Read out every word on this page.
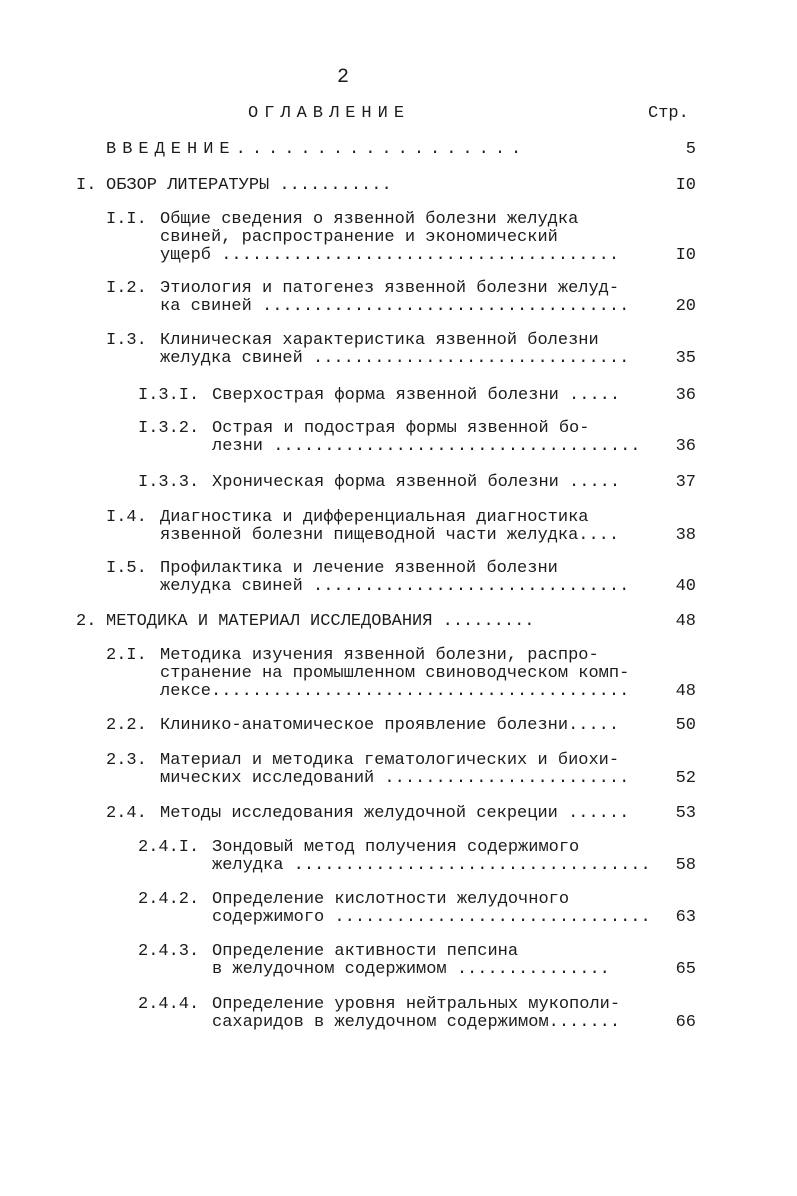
2
ОГЛАВЛЕНИЕ	Стр.
ВВЕДЕНИЕ..................	5
I. ОБЗОР ЛИТЕРАТУРЫ ...........	I0
I.I. Общие сведения о язвенной болезни желудка
свиней, распространение и экономический
ущерб .......................................	I0
I.2. Этиология и патогенез язвенной болезни желуд-
ка свиней ....................................	20
I.3. Клиническая характеристика язвенной болезни
желудка свиней ...............................	35
I.3.I. Сверхострая форма язвенной болезни .....	36
I.3.2. Острая и подострая формы язвенной бо-
лезни ....................................	36
I.3.3. Хроническая форма язвенной болезни .....	37
I.4. Диагностика и дифференциальная диагностика
язвенной болезни пищеводной части желудка....	38
I.5. Профилактика и лечение язвенной болезни
желудка свиней ...............................	40
2. МЕТОДИКА И МАТЕРИАЛ ИССЛЕДОВАНИЯ .........	48
2.I. Методика изучения язвенной болезни, распро-
странение на промышленном свиноводческом комп-
лексе.........................................	48
2.2. Клинико-анатомическое проявление болезни.....	50
2.3. Материал и методика гематологических и биохи-
мических исследований ........................	52
2.4. Методы исследования желудочной секреции ......	53
2.4.I. Зондовый метод получения содержимого
желудка ...................................	58
2.4.2. Определение кислотности желудочного
содержимого ...............................	63
2.4.3. Определение активности пепсина
в желудочном содержимом ...............	65
2.4.4. Определение уровня нейтральных мукополи-
сахаридов в желудочном содержимом.......	66
